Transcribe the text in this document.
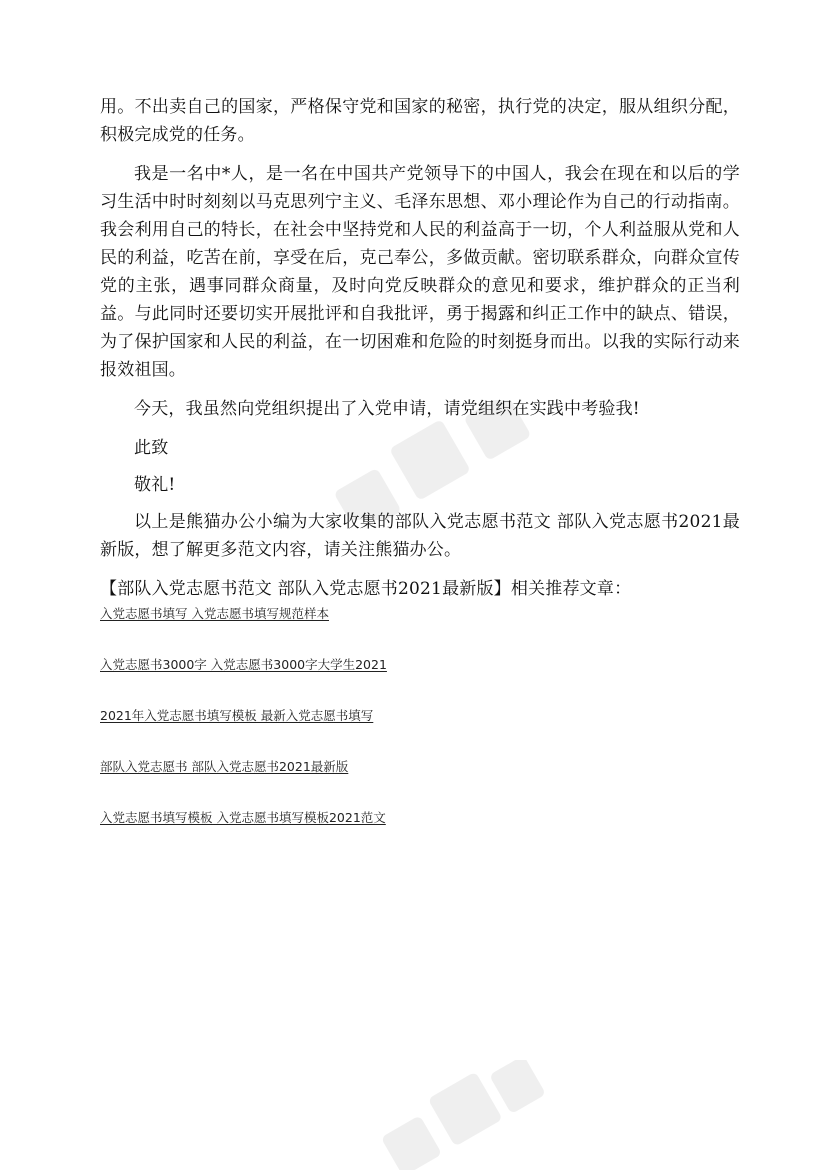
用。不出卖自己的国家，严格保守党和国家的秘密，执行党的决定，服从组织分配，积极完成党的任务。

我是一名中*人，是一名在中国共产党领导下的中国人，我会在现在和以后的学习生活中时时刻刻以马克思列宁主义、毛泽东思想、邓小理论作为自己的行动指南。我会利用自己的特长，在社会中坚持党和人民的利益高于一切，个人利益服从党和人民的利益，吃苦在前，享受在后，克己奉公，多做贡献。密切联系群众，向群众宣传党的主张，遇事同群众商量，及时向党反映群众的意见和要求，维护群众的正当利益。与此同时还要切实开展批评和自我批评，勇于揭露和纠正工作中的缺点、错误，为了保护国家和人民的利益，在一切困难和危险的时刻挺身而出。以我的实际行动来报效祖国。

今天，我虽然向党组织提出了入党申请，请党组织在实践中考验我!

此致

敬礼!

以上是熊猫办公小编为大家收集的部队入党志愿书范文 部队入党志愿书2021最新版，想了解更多范文内容，请关注熊猫办公。

【部队入党志愿书范文 部队入党志愿书2021最新版】相关推荐文章：

入党志愿书填写 入党志愿书填写规范样本
入党志愿书3000字 入党志愿书3000字大学生2021
2021年入党志愿书填写模板 最新入党志愿书填写
部队入党志愿书 部队入党志愿书2021最新版
入党志愿书填写模板 入党志愿书填写模板2021范文
